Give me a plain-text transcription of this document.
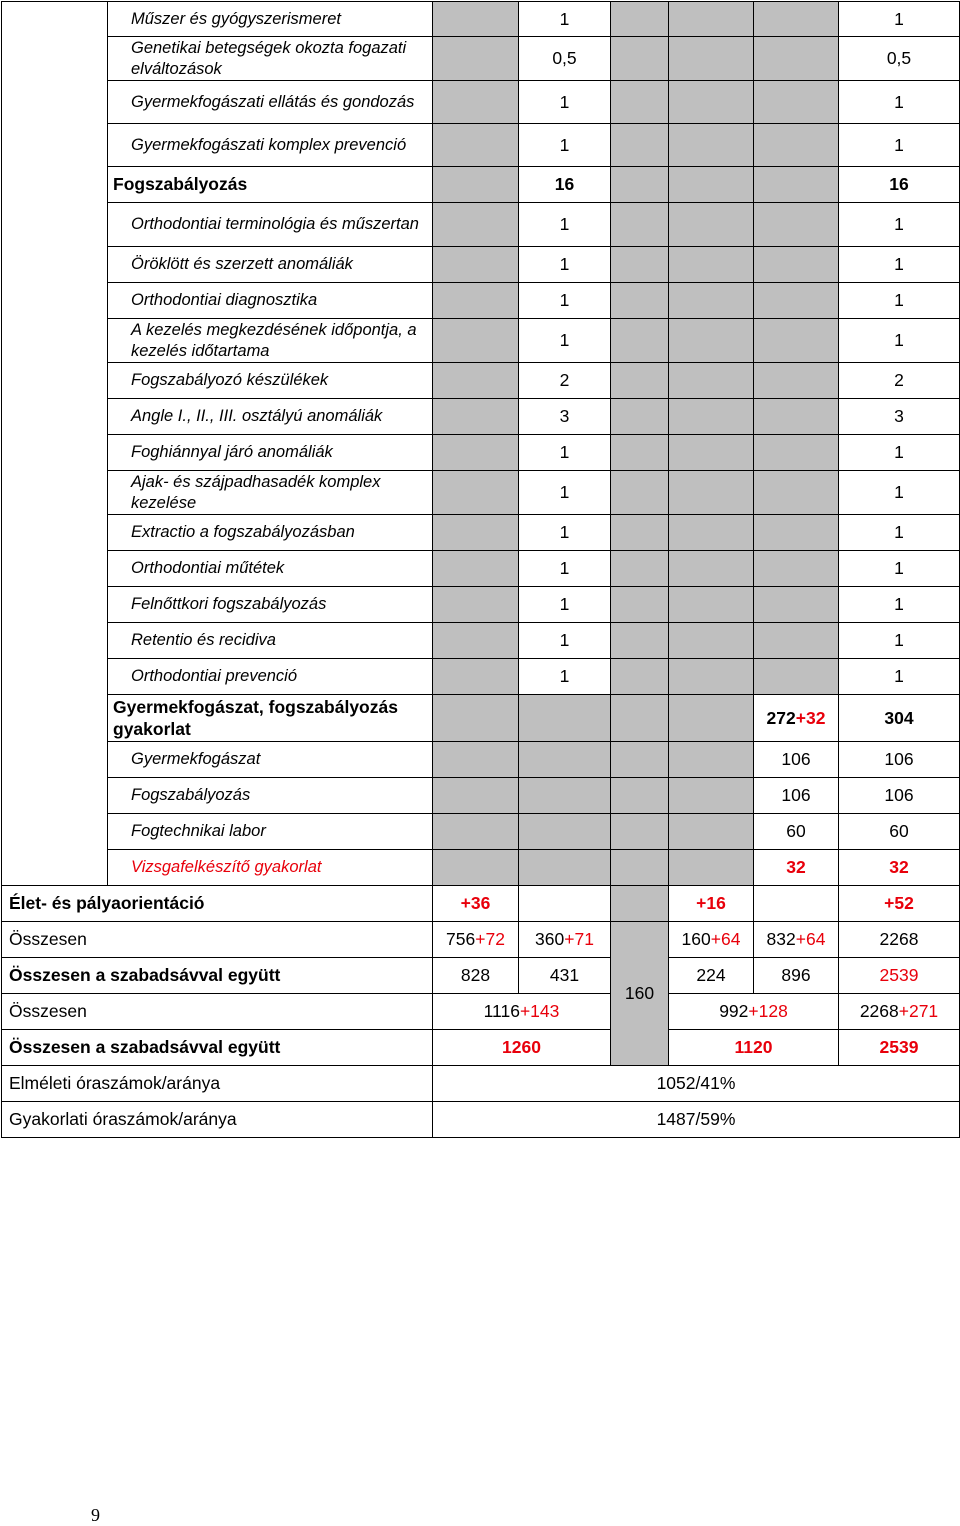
	Műszer és gyógyszerismeret		1				1
	Genetikai betegségek okozta fogazati elváltozások		0,5				0,5
	Gyermekfogászati ellátás és gondozás		1				1
	Gyermekfogászati komplex prevenció		1				1
	Fogszabályozás		16				16
	Orthodontiai terminológia és műszertan		1				1
	Öröklött és szerzett anomáliák		1				1
	Orthodontiai diagnosztika		1				1
	A kezelés megkezdésének időpontja, a kezelés időtartama		1				1
	Fogszabályozó készülékek		2				2
	Angle I., II., III. osztályú anomáliák		3				3
	Foghiánnyal járó anomáliák		1				1
	Ajak- és szájpadhasadék komplex kezelése		1				1
	Extractio a fogszabályozásban		1				1
	Orthodontiai műtétek		1				1
	Felnőttkori fogszabályozás		1				1
	Retentio és recidiva		1				1
	Orthodontiai prevenció		1				1
	Gyermekfogászat, fogszabályozás gyakorlat					272+32	304
	Gyermekfogászat					106	106
	Fogszabályozás					106	106
	Fogtechnikai labor					60	60
	Vizsgafelkészítő gyakorlat					32	32
Élet- és pályaorientáció		+36			+16		+52
Összesen		756+72	360+71	160	160+64	832+64	2268
Összesen a szabadsávval együtt		828	431		224	896	2539
Összesen		1116+143			992+128		2268+271
Összesen a szabadsávval együtt		1260			1120		2539
Elméleti óraszámok/aránya		1052/41%					
Gyakorlati óraszámok/aránya		1487/59%					
9
